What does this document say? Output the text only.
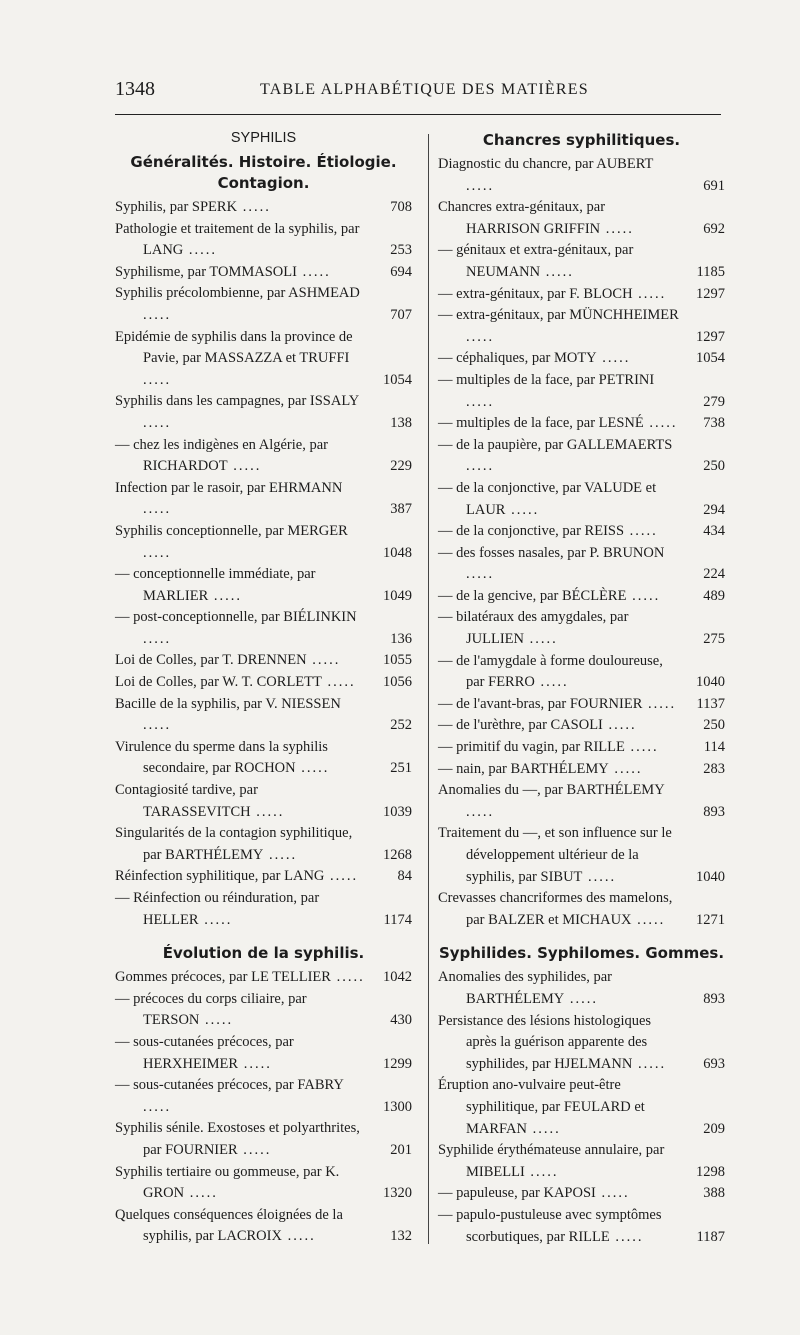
1348	TABLE ALPHABÉTIQUE DES MATIÈRES
SYPHILIS
Généralités. Histoire. Étiologie. Contagion.
Syphilis, par SPERK .....	708
Pathologie et traitement de la syphilis, par LANG .....	253
Syphilisme, par TOMMASOLI .....	694
Syphilis précolombienne, par ASHMEAD .....	707
Epidémie de syphilis dans la province de Pavie, par MASSAZZA et TRUFFI .....	1054
Syphilis dans les campagnes, par ISSALY .....	138
— chez les indigènes en Algérie, par RICHARDOT .....	229
Infection par le rasoir, par EHRMANN .....	387
Syphilis conceptionnelle, par MERGER .....	1048
— conceptionnelle immédiate, par MARLIER .....	1049
— post-conceptionnelle, par BIÉLINKIN .....	136
Loi de Colles, par T. DRENNEN .....	1055
Loi de Colles, par W. T. CORLETT ..... 1056
Bacille de la syphilis, par V. NIESSEN .....	252
Virulence du sperme dans la syphilis secondaire, par ROCHON .....	251
Contagiosité tardive, par TARASSEVITCH .....	1039
Singularités de la contagion syphilitique, par BARTHÉLEMY .....	1268
Réinfection syphilitique, par LANG .....	84
— Réinfection ou réinduration, par HELLER .....	1174
Évolution de la syphilis.
Gommes précoces, par LE TELLIER ..... 1042
— précoces du corps ciliaire, par TERSON .....	430
— sous-cutanées précoces, par HERXHEIMER .....	1299
— sous-cutanées précoces, par FABRY .....	1300
Syphilis sénile. Exostoses et polyarthrites, par FOURNIER .....	201
Syphilis tertiaire ou gommeuse, par K. GRON .....	1320
Quelques conséquences éloignées de la syphilis, par LACROIX .....	132
Chancres syphilitiques.
Diagnostic du chancre, par AUBERT .....	691
Chancres extra-génitaux, par HARRISON GRIFFIN .....	692
— génitaux et extra-génitaux, par NEUMANN .....	1185
— extra-génitaux, par F. BLOCH ..... 1297
— extra-génitaux, par MÜNCHHEIMER .....	1297
— céphaliques, par MOTY .....	1054
— multiples de la face, par PETRINI .....	279
— multiples de la face, par LESNÉ ..... 738
— de la paupière, par GALLEMAERTS .....	250
— de la conjonctive, par VALUDE et LAUR .....	294
— de la conjonctive, par REISS .....	434
— des fosses nasales, par P. BRUNON .....	224
— de la gencive, par BÉCLÈRE .....	489
— bilatéraux des amygdales, par JULLIEN .....	275
— de l'amygdale à forme douloureuse, par FERRO .....	1040
— de l'avant-bras, par FOURNIER ..... 1137
— de l'urèthre, par CASOLI .....	250
— primitif du vagin, par RILLE .....	114
— nain, par BARTHÉLEMY .....	283
Anomalies du —, par BARTHÉLEMY .....	893
Traitement du —, et son influence sur le développement ultérieur de la syphilis, par SIBUT .....	1040
Crevasses chancriformes des mamelons, par BALZER et MICHAUX ..... 1271
Syphilides. Syphilomes. Gommes.
Anomalies des syphilides, par BARTHÉLEMY .....	893
Persistance des lésions histologiques après la guérison apparente des syphilides, par HJELMANN .....	693
Éruption ano-vulvaire peut-être syphilitique, par FEULARD et MARFAN .....	209
Syphilide érythémateuse annulaire, par MIBELLI .....	1298
— papuleuse, par KAPOSI .....	388
— papulo-pustuleuse avec symptômes scorbutiques, par RILLE .....	1187
